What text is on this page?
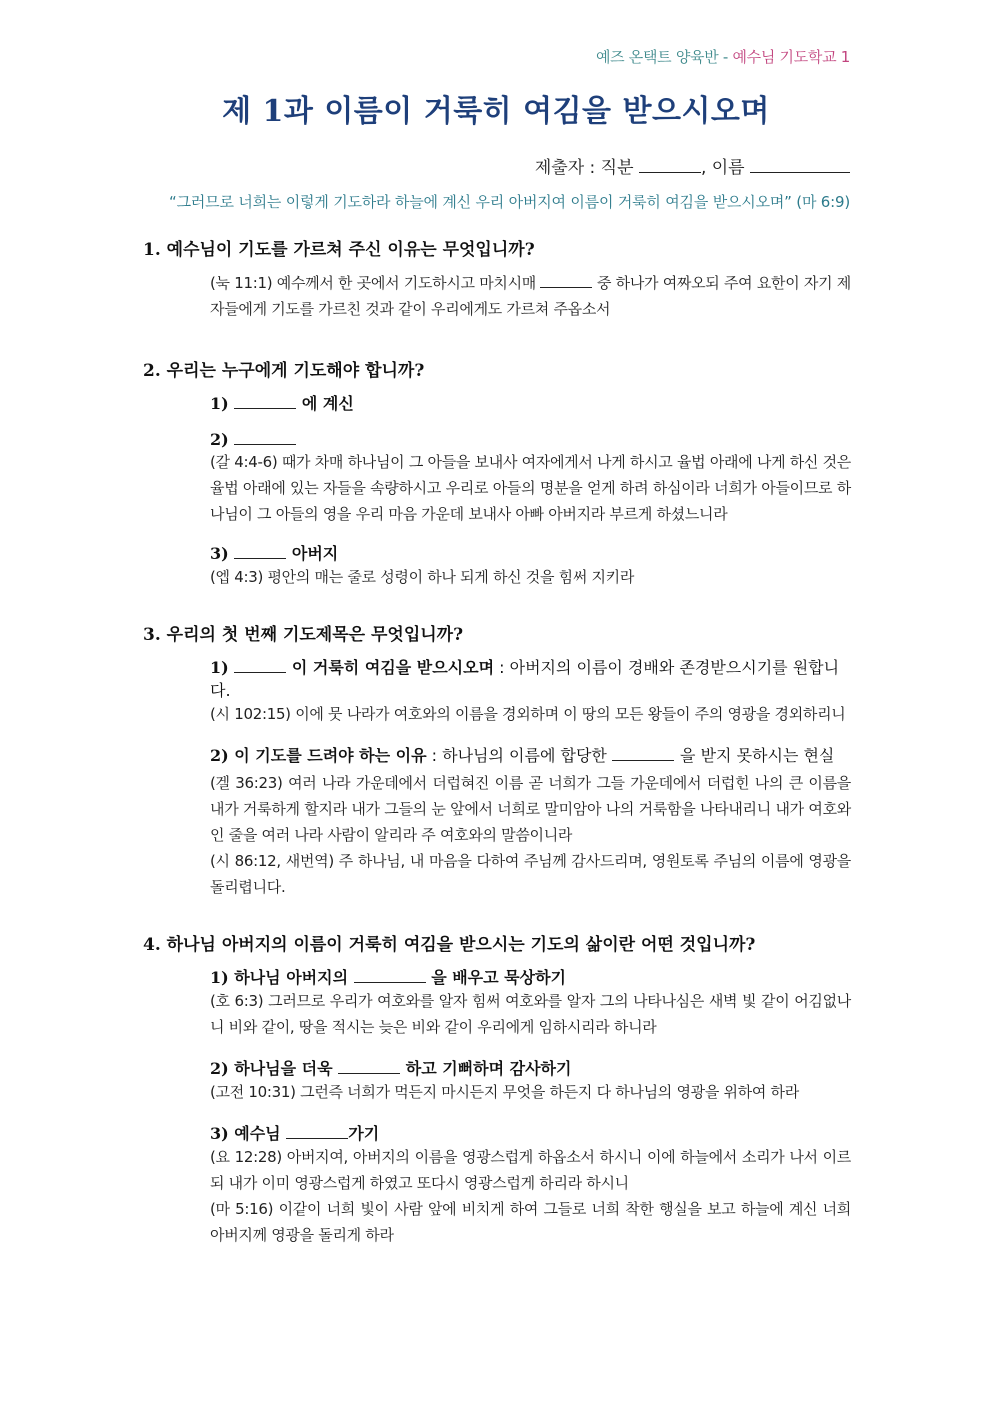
예즈 온택트 양육반 - 예수님 기도학교 1
제 1과 이름이 거룩히 여김을 받으시오며
제출자 : 직분	, 이름
“그러므로 너희는 이렇게 기도하라 하늘에 계신 우리 아버지여 이름이 거룩히 여김을 받으시오며” (마 6:9)
1. 예수님이 기도를 가르쳐 주신 이유는 무엇입니까?
(눅 11:1) 예수께서 한 곳에서 기도하시고 마치시매	중 하나가 여짜오되 주여 요한이 자기 제자들에게 기도를 가르친 것과 같이 우리에게도 가르쳐 주옵소서
2. 우리는 누구에게 기도해야 합니까?
1)	에 계신
2)
(갈 4:4-6) 때가 차매 하나님이 그 아들을 보내사 여자에게서 나게 하시고 율법 아래에 나게 하신 것은 율법 아래에 있는 자들을 속량하시고 우리로 아들의 명분을 얻게 하려 하심이라 너희가 아들이므로 하나님이 그 아들의 영을 우리 마음 가운데 보내사 아빠 아버지라 부르게 하셨느니라
3)	아버지
(엡 4:3) 평안의 매는 줄로 성령이 하나 되게 하신 것을 힘써 지키라
3. 우리의 첫 번째 기도제목은 무엇입니까?
1)	이 거룩히 여김을 받으시오며 : 아버지의 이름이 경배와 존경받으시기를 원합니다.
(시 102:15) 이에 뭇 나라가 여호와의 이름을 경외하며 이 땅의 모든 왕들이 주의 영광을 경외하리니
2) 이 기도를 드려야 하는 이유 : 하나님의 이름에 합당한	을 받지 못하시는 현실
(겔 36:23) 여러 나라 가운데에서 더럽혀진 이름 곧 너희가 그들 가운데에서 더럽힌 나의 큰 이름을 내가 거룩하게 할지라 내가 그들의 눈 앞에서 너희로 말미암아 나의 거룩함을 나타내리니 내가 여호와인 줄을 여러 나라 사람이 알리라 주 여호와의 말씀이니라
(시 86:12, 새번역) 주 하나님, 내 마음을 다하여 주님께 감사드리며, 영원토록 주님의 이름에 영광을 돌리렵니다.
4. 하나님 아버지의 이름이 거룩히 여김을 받으시는 기도의 삶이란 어떤 것입니까?
1) 하나님 아버지의	을 배우고 묵상하기
(호 6:3) 그러므로 우리가 여호와를 알자 힘써 여호와를 알자 그의 나타나심은 새벽 빛 같이 어김없나니 비와 같이, 땅을 적시는 늦은 비와 같이 우리에게 임하시리라 하니라
2) 하나님을 더욱	하고 기뻐하며 감사하기
(고전 10:31) 그런즉 너희가 먹든지 마시든지 무엇을 하든지 다 하나님의 영광을 위하여 하라
3) 예수님	가기
(요 12:28) 아버지여, 아버지의 이름을 영광스럽게 하옵소서 하시니 이에 하늘에서 소리가 나서 이르되 내가 이미 영광스럽게 하였고 또다시 영광스럽게 하리라 하시니
(마 5:16) 이같이 너희 빛이 사람 앞에 비치게 하여 그들로 너희 착한 행실을 보고 하늘에 계신 너희 아버지께 영광을 돌리게 하라
